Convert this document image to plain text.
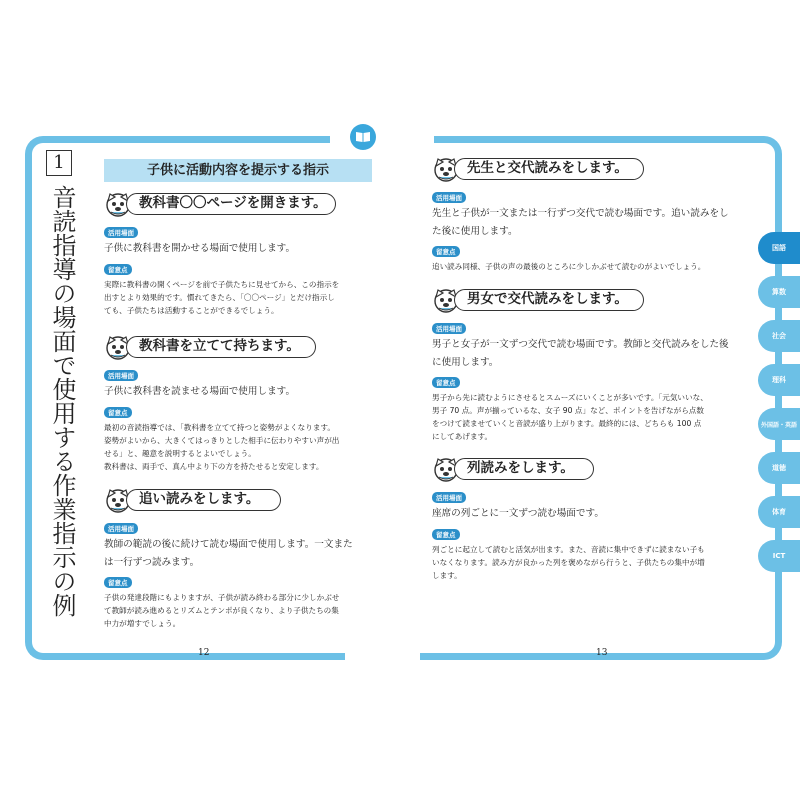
1
音読指導の場面で使用する作業指示の例
子供に活動内容を提示する指示
教科書〇〇ページを開きます。
活用場面
子供に教科書を開かせる場面で使用します。
留意点
実際に教科書の開くページを前で子供たちに見せてから、この指示を
出すとより効果的です。慣れてきたら、「〇〇ページ」とだけ指示し
ても、子供たちは活動することができるでしょう。
教科書を立てて持ちます。
活用場面
子供に教科書を読ませる場面で使用します。
留意点
最初の音読指導では、「教科書を立てて持つと姿勢がよくなります。
姿勢がよいから、大きくてはっきりとした相手に伝わりやすい声が出
せる」と、趣意を説明するとよいでしょう。
教科書は、両手で、真ん中より下の方を持たせると安定します。
追い読みをします。
活用場面
教師の範読の後に続けて読む場面で使用します。一文また
は一行ずつ読みます。
留意点
子供の発達段階にもよりますが、子供が読み終わる部分に少しかぶせ
て教師が読み進めるとリズムとテンポが良くなり、より子供たちの集
中力が増すでしょう。
先生と交代読みをします。
活用場面
先生と子供が一文または一行ずつ交代で読む場面です。追い読みをし
た後に使用します。
留意点
追い読み同様、子供の声の最後のところに少しかぶせて読むのがよいでしょう。
男女で交代読みをします。
活用場面
男子と女子が一文ずつ交代で読む場面です。教師と交代読みをした後
に使用します。
留意点
男子から先に読むようにさせるとスムーズにいくことが多いです。「元気いいな、
男子 70 点。声が揃っているな、女子 90 点」など、ポイントを告げながら点数
をつけて読ませていくと音読が盛り上がります。最終的には、どちらも 100 点
にしてあげます。
列読みをします。
活用場面
座席の列ごとに一文ずつ読む場面です。
留意点
列ごとに起立して読むと活気が出ます。また、音読に集中できずに読まない子も
いなくなります。読み方が良かった列を褒めながら行うと、子供たちの集中が増
します。
12	13
国語
算数
社会
理科
外国語・英語
道徳
体育
ICT
